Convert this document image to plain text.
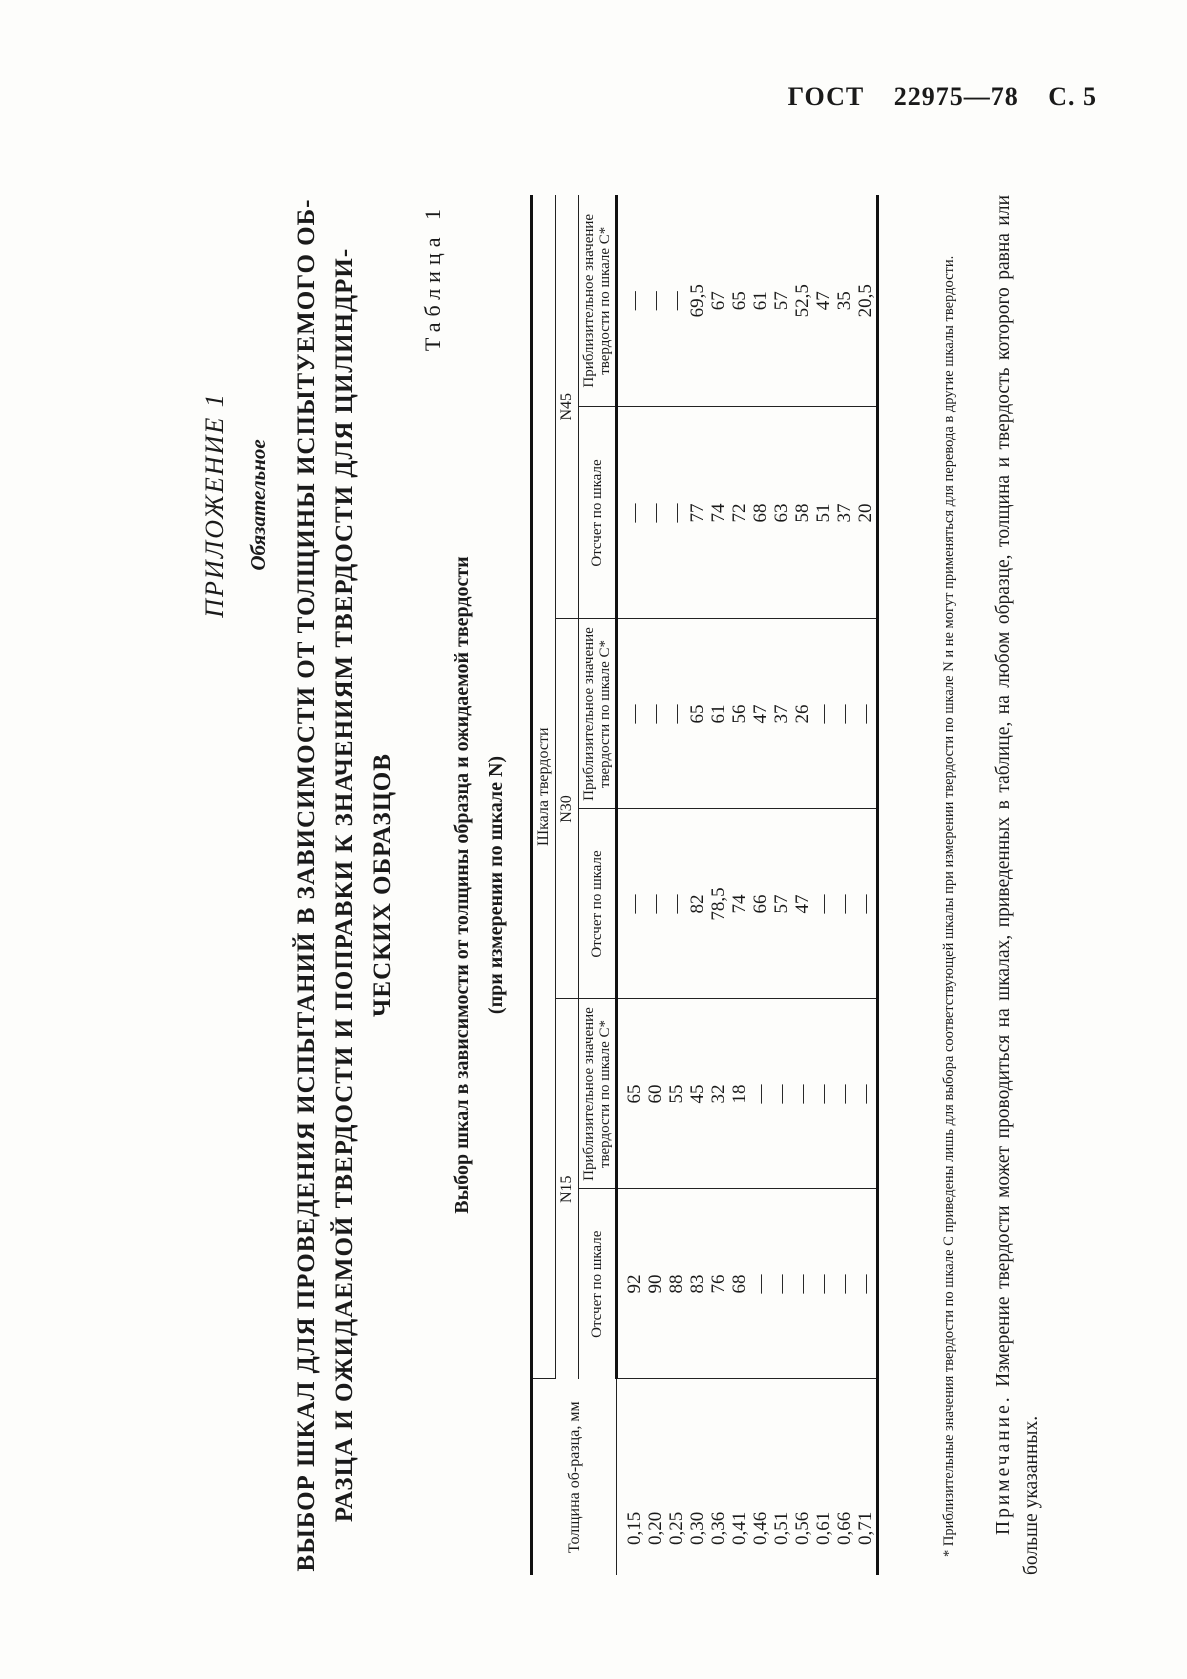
ГОСТ 22975—78 С. 5
ПРИЛОЖЕНИЕ 1 Обязательное ВЫБОР ШКАЛ ДЛЯ ПРОВЕДЕНИЯ ИСПЫТАНИЙ В ЗАВИСИМОСТИ ОТ ТОЛЩИНЫ ИСПЫТУЕМОГО ОБ- РАЗЦА И ОЖИДАЕМОЙ ТВЕРДОСТИ И ПОПРАВКИ К ЗНАЧЕНИЯМ ТВЕРДОСТИ ДЛЯ ЦИЛИНДРИ- ЧЕСКИХ ОБРАЗЦОВ
Таблица 1
Выбор шкал в зависимости от толщины образца и ожидаемой твердости (при измерении по шкале N)
Толщина об-разца, мм	Шкала твердости					
	N15		N30		N45	
	Отсчет по шкале	Приблизительное значение твердости по шкале С*	Отсчет по шкале	Приблизительное значение твердости по шкале С*	Отсчет по шкале	Приблизительное значение твердости по шкале С*
0,15	92	65	—	—	—	—
0,20	90	60	—	—	—	—
0,25	88	55	—	—	—	—
0,30	83	45	82	65	77	69,5
0,36	76	32	78,5	61	74	67
0,41	68	18	74	56	72	65
0,46	—	—	66	47	68	61
0,51	—	—	57	37	63	57
0,56	—	—	47	26	58	52,5
0,61	—	—	—	—	51	47
0,66	—	—	—	—	37	35
0,71	—	—	—	—	20	20,5	* Приблизительные значения твердости по шкале С приведены лишь для выбора соответствующей шкалы при измерении твердости по шкале N и не могут применяться для перевода в другие шкалы твердости. Примечание. Измерение твердости может проводиться на шкалах, приведенных в таблице, на любом образце, толщина и твердость которого равна или больше указанных.
